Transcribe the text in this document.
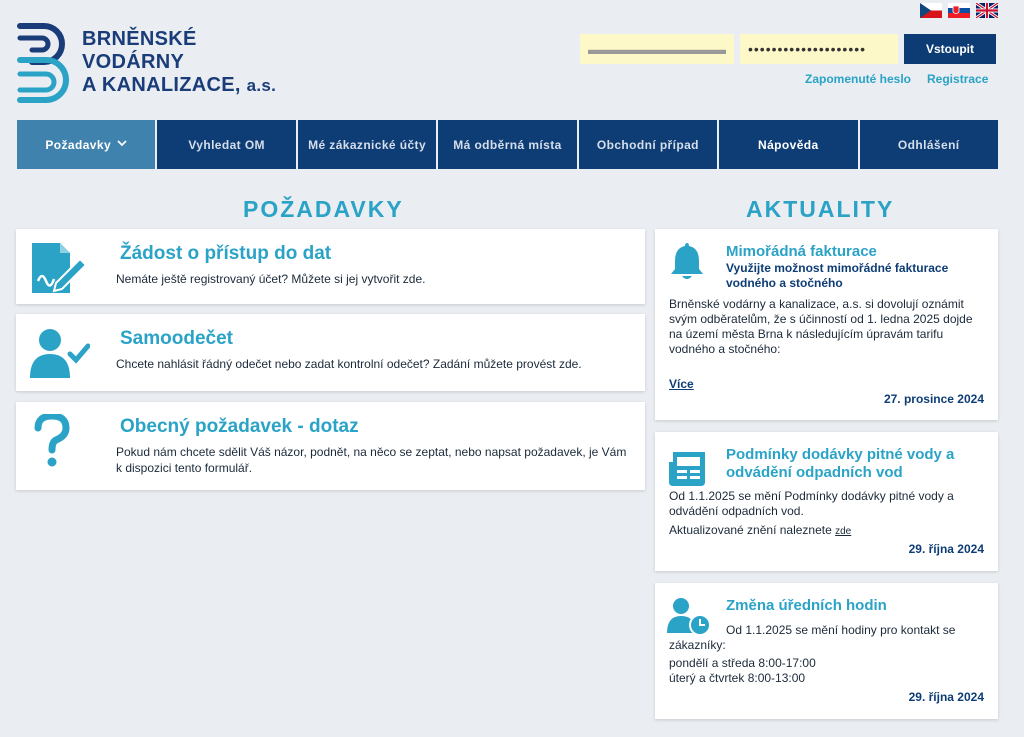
BRNĚNSKÉ
VODÁRNY
A KANALIZACE, a.s.
▬▬▬▬▬▬▬▬▬▬
••••••••••••••••••••
Vstoupit
Zapomenuté heslo Registrace
Požadavky	Vyhledat OM	Mé zákaznické účty Má odběrná místa	Obchodní případ	Nápověda	Odhlášení
POŽADAVKY	AKTUALITY
Žádost o přístup do dat

Nemáte ještě registrovaný účet? Můžete si jej vytvořit zde.

Samoodečet

Chcete nahlásit řádný odečet nebo zadat kontrolní odečet? Zadání můžete provést zde.

Obecný požadavek - dotaz

Pokud nám chcete sdělit Váš názor, podnět, na něco se zeptat, nebo napsat požadavek, je Vám k dispozici tento formulář.

Mimořádná fakturace
Využijte možnost mimořádné fakturace vodného a stočného
Brněnské vodárny a kanalizace, a.s. si dovolují oznámit svým odběratelům, že s účinností od 1. ledna 2025 dojde na území města Brna k následujícím úpravám tarifu vodného a stočného:
Více
27. prosince 2024
Podmínky dodávky pitné vody a odvádění odpadních vod
Od 1.1.2025 se mění Podmínky dodávky pitné vody a odvádění odpadních vod.
Aktualizované znění naleznete zde
29. října 2024
Změna úředních hodin
Od 1.1.2025 se mění hodiny pro kontakt se zákazníky:
pondělí a středa 8:00-17:00
úterý a čtvrtek 8:00-13:00
29. října 2024
